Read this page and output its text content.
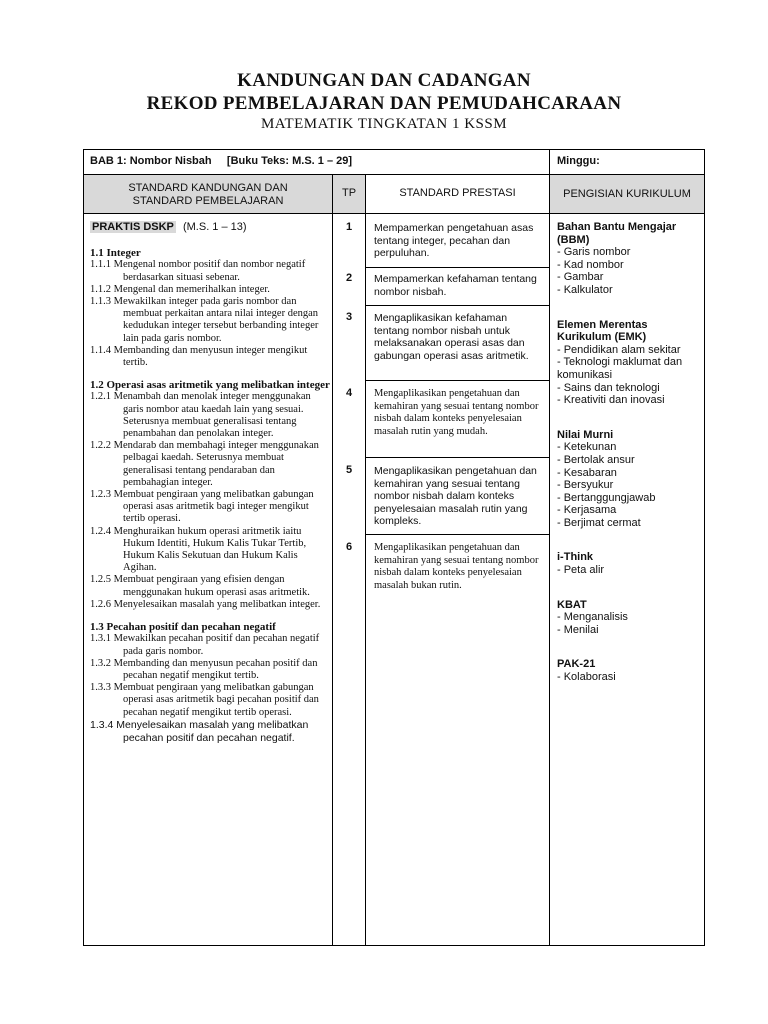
KANDUNGAN DAN CADANGAN
REKOD PEMBELAJARAN DAN PEMUDAHCARAAN
MATEMATIK TINGKATAN 1 KSSM
BAB 1: Nombor Nisbah [Buku Teks: M.S. 1 – 29]	Minggu:
STANDARD KANDUNGAN DAN
STANDARD PEMBELAJARAN
TP	STANDARD PRESTASI	PENGISIAN KURIKULUM
PRAKTIS DSKP (M.S. 1 – 13)
1.1 Integer
1.1.1 Mengenal nombor positif dan nombor negatif berdasarkan situasi sebenar.
1.1.2 Mengenal dan memerihalkan integer.
1.1.3 Mewakilkan integer pada garis nombor dan membuat perkaitan antara nilai integer dengan kedudukan integer tersebut berbanding integer lain pada garis nombor.
1.1.4 Membanding dan menyusun integer mengikut tertib.
1.2 Operasi asas aritmetik yang melibatkan integer
1.2.1 Menambah dan menolak integer menggunakan garis nombor atau kaedah lain yang sesuai. Seterusnya membuat generalisasi tentang penambahan dan penolakan integer.
1.2.2 Mendarab dan membahagi integer menggunakan pelbagai kaedah. Seterusnya membuat generalisasi tentang pendaraban dan pembahagian integer.
1.2.3 Membuat pengiraan yang melibatkan gabungan operasi asas aritmetik bagi integer mengikut tertib operasi.
1.2.4 Menghuraikan hukum operasi aritmetik iaitu Hukum Identiti, Hukum Kalis Tukar Tertib, Hukum Kalis Sekutuan dan Hukum Kalis Agihan.
1.2.5 Membuat pengiraan yang efisien dengan menggunakan hukum operasi asas aritmetik.
1.2.6 Menyelesaikan masalah yang melibatkan integer.
1.3 Pecahan positif dan pecahan negatif
1.3.1 Mewakilkan pecahan positif dan pecahan negatif pada garis nombor.
1.3.2 Membanding dan menyusun pecahan positif dan pecahan negatif mengikut tertib.
1.3.3 Membuat pengiraan yang melibatkan gabungan operasi asas aritmetik bagi pecahan positif dan pecahan negatif mengikut tertib operasi.
1.3.4 Menyelesaikan masalah yang melibatkan pecahan positif dan pecahan negatif.
1	Mempamerkan pengetahuan asas tentang integer, pecahan dan perpuluhan.
2	Mempamerkan kefahaman tentang nombor nisbah.
3	Mengaplikasikan kefahaman tentang nombor nisbah untuk melaksanakan operasi asas dan gabungan operasi asas aritmetik.
4	Mengaplikasikan pengetahuan dan kemahiran yang sesuai tentang nombor nisbah dalam konteks penyelesaian masalah rutin yang mudah.
5	Mengaplikasikan pengetahuan dan kemahiran yang sesuai tentang nombor nisbah dalam konteks penyelesaian masalah rutin yang kompleks.
6	Mengaplikasikan pengetahuan dan kemahiran yang sesuai tentang nombor nisbah dalam konteks penyelesaian masalah bukan rutin.
Bahan Bantu Mengajar (BBM)
- Garis nombor
- Kad nombor
- Gambar
- Kalkulator
Elemen Merentas Kurikulum (EMK)
- Pendidikan alam sekitar
- Teknologi maklumat dan komunikasi
- Sains dan teknologi
- Kreativiti dan inovasi
Nilai Murni
- Ketekunan
- Bertolak ansur
- Kesabaran
- Bersyukur
- Bertanggungjawab
- Kerjasama
- Berjimat cermat
i-Think
- Peta alir
KBAT
- Menganalisis
- Menilai
PAK-21
- Kolaborasi
